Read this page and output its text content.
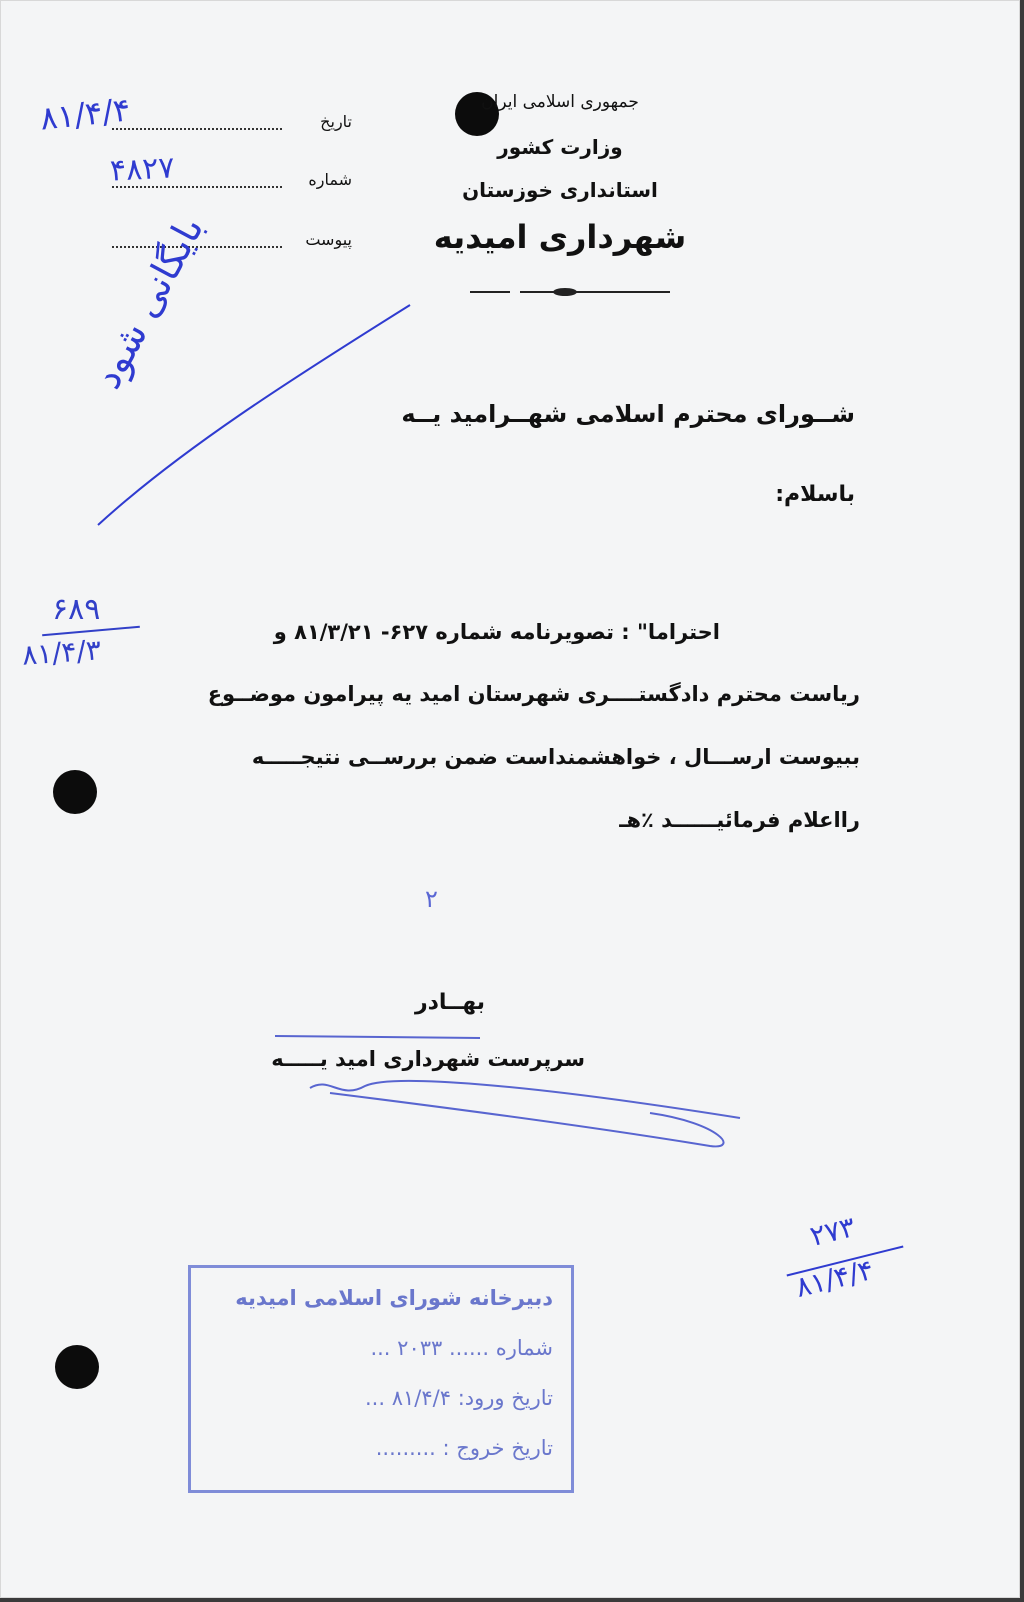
جمهوری اسلامی ایران
وزارت کشور
استانداری خوزستان
شهرداری امیدیه
تاریخ
شماره
پیوست
۸۱/۴/۴
۴۸۲۷
بایگانی شود
شــورای محترم اسلامی شهــرامید یــه
باسلام:
احتراما" : تصویرنامه شماره ۶۲۷- ۸۱/۳/۲۱ و
ریاست محترم دادگستــــری شهرستان امید یه پیرامون موضــوع
ببیوست ارســـال ، خواهشمنداست ضمن بررســی نتیجـــــه
رااعلام فرمائیــــــد ٪هـ
۶۸۹
۸۱/۴/۳
۲
بهــادر
سرپرست شهرداری امید یـــــه
۲۷۳
۸۱/۴/۴
دبیرخانه شورای اسلامی امیدیه
شماره ...... ۲۰۳۳ ...
تاریخ ورود: ۸۱/۴/۴ ...
تاریخ خروج : .........
